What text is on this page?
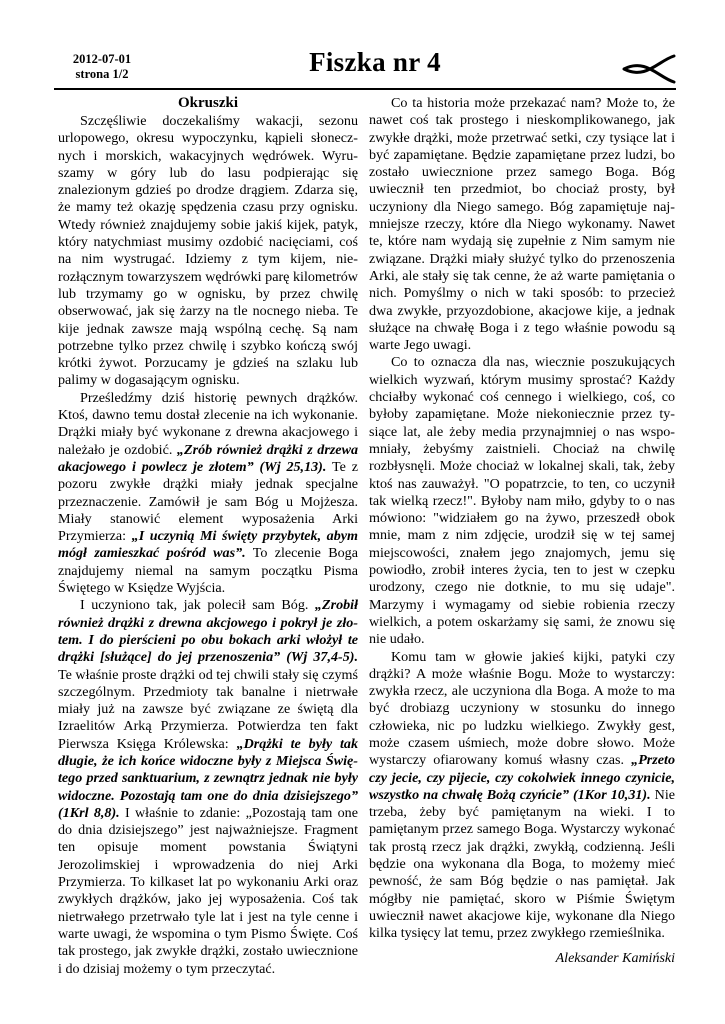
2012-07-01
strona 1/2	Fiszka nr 4
Okruszki

Szczęśliwie doczekaliśmy wakacji, sezonu urlopowego, okresu wypoczynku, kąpieli słonecznych i morskich, wakacyjnych wędrówek. Wyruszamy w góry lub do lasu podpierając się znalezionym gdzieś po drodze drągiem. Zdarza się, że mamy też okazję spędzenia czasu przy ognisku. Wtedy również znajdujemy sobie jakiś kijek, patyk, który natychmiast musimy ozdobić nacięciami, coś na nim wystrugać. Idziemy z tym kijem, nierozłącznym towarzyszem wędrówki parę kilometrów lub trzymamy go w ognisku, by przez chwilę obserwować, jak się żarzy na tle nocnego nieba. Te kije jednak zawsze mają wspólną cechę. Są nam potrzebne tylko przez chwilę i szybko kończą swój krótki żywot. Porzucamy je gdzieś na szlaku lub palimy w dogasającym ognisku.

Prześledźmy dziś historię pewnych drążków. Ktoś, dawno temu dostał zlecenie na ich wykonanie. Drążki miały być wykonane z drewna akacjowego i należało je ozdobić. „Zrób również drążki z drzewa akacjowego i powlecz je złotem” (Wj 25,13). Te z pozoru zwykłe drążki miały jednak specjalne przeznaczenie. Zamówił je sam Bóg u Mojżesza. Miały stanowić element wyposażenia Arki Przymierza: „I uczynią Mi święty przybytek, abym mógł zamieszkać pośród was”. To zlecenie Boga znajdujemy niemal na samym początku Pisma Świętego w Księdze Wyjścia.

I uczyniono tak, jak polecił sam Bóg. „Zrobił również drążki z drewna akcjowego i pokrył je złotem. I do pierścieni po obu bokach arki włożył te drążki [służące] do jej przenoszenia” (Wj 37,4-5). Te właśnie proste drążki od tej chwili stały się czymś szczególnym. Przedmioty tak banalne i nietrwałe miały już na zawsze być związane ze świętą dla Izraelitów Arką Przymierza. Potwierdza ten fakt Pierwsza Księga Królewska: „Drążki te były tak długie, że ich końce widoczne były z Miejsca Świętego przed sanktuarium, z zewnątrz jednak nie były widoczne. Pozostają tam one do dnia dzisiejszego” (1Krl 8,8). I właśnie to zdanie: „Pozostają tam one do dnia dzisiejszego” jest najważniejsze. Fragment ten opisuje moment powstania Świątyni Jerozolimskiej i wprowadzenia do niej Arki Przymierza. To kilkaset lat po wykonaniu Arki oraz zwykłych drążków, jako jej wyposażenia. Coś tak nietrwałego przetrwało tyle lat i jest na tyle cenne i warte uwagi, że wspomina o tym Pismo Święte. Coś tak prostego, jak zwykłe drążki, zostało uwiecznione i do dzisiaj możemy o tym przeczytać.

Co ta historia może przekazać nam? Może to, że nawet coś tak prostego i nieskomplikowanego, jak zwykłe drążki, może przetrwać setki, czy tysiące lat i być zapamiętane. Będzie zapamiętane przez ludzi, bo zostało uwiecznione przez samego Boga. Bóg uwiecznił ten przedmiot, bo chociaż prosty, był uczyniony dla Niego samego. Bóg zapamiętuje najmniejsze rzeczy, które dla Niego wykonamy. Nawet te, które nam wydają się zupełnie z Nim samym nie związane. Drążki miały służyć tylko do przenoszenia Arki, ale stały się tak cenne, że aż warte pamiętania o nich. Pomyślmy o nich w taki sposób: to przecież dwa zwykłe, przyozdobione, akacjowe kije, a jednak służące na chwałę Boga i z tego właśnie powodu są warte Jego uwagi.

Co to oznacza dla nas, wiecznie poszukujących wielkich wyzwań, którym musimy sprostać? Każdy chciałby wykonać coś cennego i wielkiego, coś, co byłoby zapamiętane. Może niekoniecznie przez tysiące lat, ale żeby media przynajmniej o nas wspomniały, żebyśmy zaistnieli. Chociaż na chwilę rozbłysnęli. Może chociaż w lokalnej skali, tak, żeby ktoś nas zauważył. "O popatrzcie, to ten, co uczynił tak wielką rzecz!". Byłoby nam miło, gdyby to o nas mówiono: "widziałem go na żywo, przeszedł obok mnie, mam z nim zdjęcie, urodził się w tej samej miejscowości, znałem jego znajomych, jemu się powiodło, zrobił interes życia, ten to jest w czepku urodzony, czego nie dotknie, to mu się udaje". Marzymy i wymagamy od siebie robienia rzeczy wielkich, a potem oskarżamy się sami, że znowu się nie udało.

Komu tam w głowie jakieś kijki, patyki czy drążki? A może właśnie Bogu. Może to wystarczy: zwykła rzecz, ale uczyniona dla Boga. A może to ma być drobiazg uczyniony w stosunku do innego człowieka, nic po ludzku wielkiego. Zwykły gest, może czasem uśmiech, może dobre słowo. Może wystarczy ofiarowany komuś własny czas. „Przeto czy jecie, czy pijecie, czy cokolwiek innego czynicie, wszystko na chwałę Bożą czyńcie” (1Kor 10,31). Nie trzeba, żeby być pamiętanym na wieki. I to pamiętanym przez samego Boga. Wystarczy wykonać tak prostą rzecz jak drążki, zwykłą, codzienną. Jeśli będzie ona wykonana dla Boga, to możemy mieć pewność, że sam Bóg będzie o nas pamiętał. Jak mógłby nie pamiętać, skoro w Piśmie Świętym uwiecznił nawet akacjowe kije, wykonane dla Niego kilka tysięcy lat temu, przez zwykłego rzemieślnika.

Aleksander Kamiński
